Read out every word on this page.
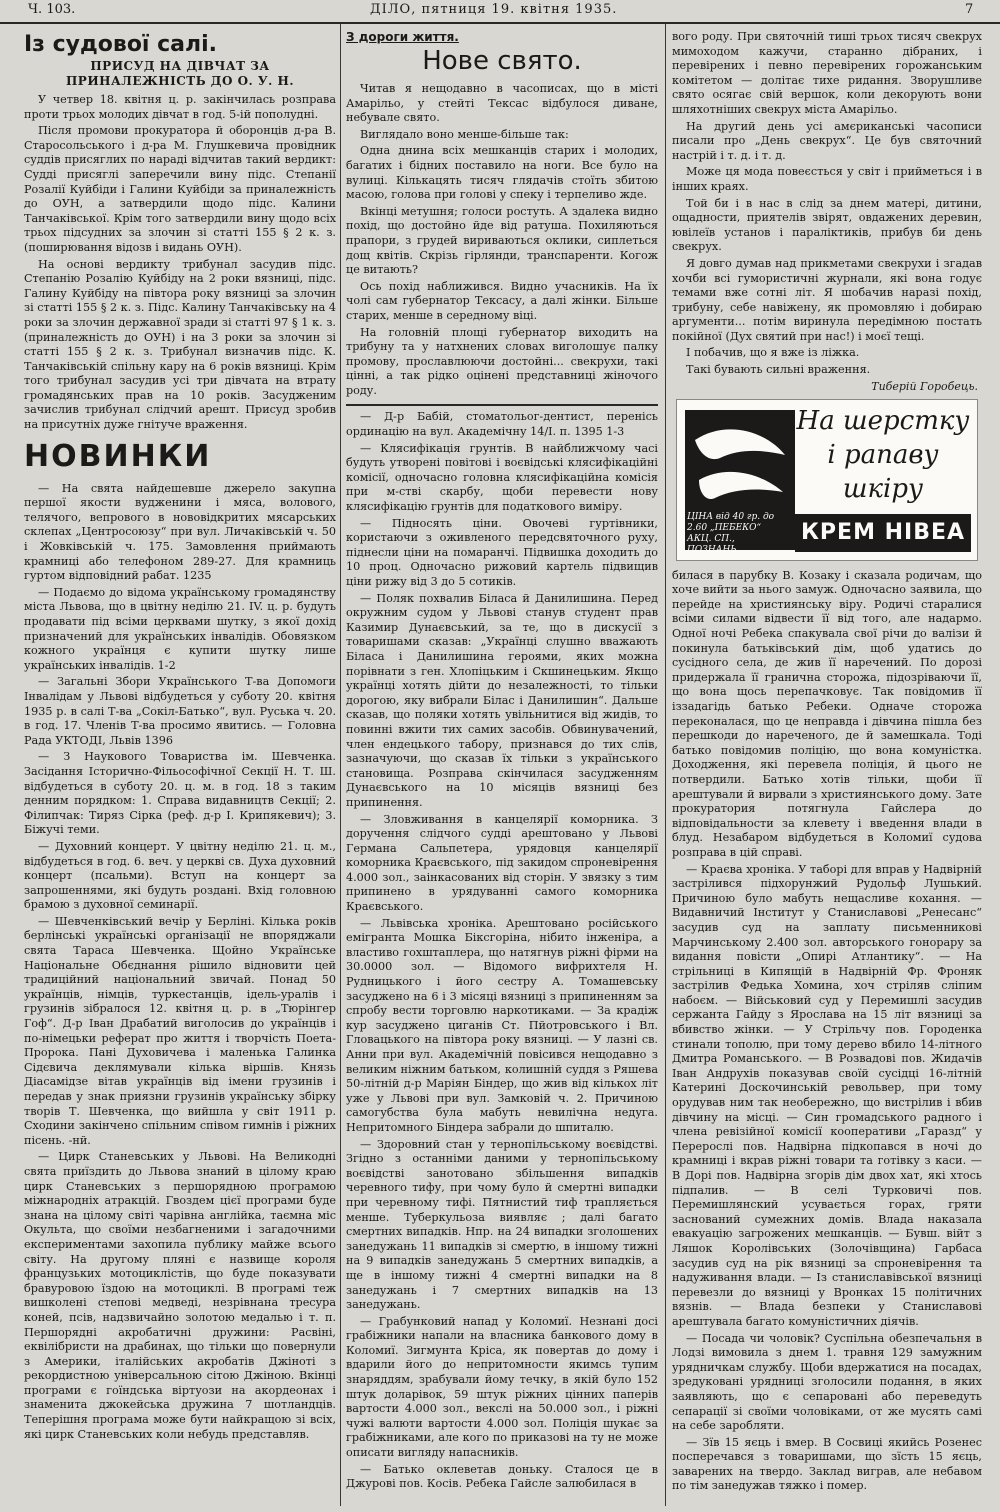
Ч. 103.	ДІЛО, пятниця 19. квітня 1935.	7
Із судової салі.
ПРИСУД НА ДІВЧАТ ЗА ПРИНАЛЕЖНІСТЬ ДО О. У. Н.

У четвер 18. квітня ц. р. закінчилась розправа проти трьох молодих дівчат в год. 5-ій пополудні.

Після промови прокуратора й оборонців д-ра В. Старосольського і д-ра М. Глушкевича провідник суддів присяглих по нараді відчитав такий вердикт: Судді присяглі заперечили вину підс. Степанії Розалії Куйбіди і Галини Куйбіди за приналежність до ОУН, а затвердили щодо підс. Калини Танчаківської. Крім того затвердили вину щодо всіх трьох підсудних за злочин зі статті 155 § 2 к. з. (поширювання відозв і видань ОУН).

На основі вердикту трибунал засудив підс. Степанію Розалію Куйбіду на 2 роки вязниці, підс. Галину Куйбіду на півтора року вязниці за злочин зі статті 155 § 2 к. з. Підс. Калину Танчаківську на 4 роки за злочин державної зради зі статті 97 § 1 к. з. (приналежність до ОУН) і на 3 роки за злочин зі статті 155 § 2 к. з. Трибунал визначив підс. К. Танчаківській спільну кару на 6 років вязниці. Крім того трибунал засудив усі три дівчата на втрату громадянських прав на 10 років. Засудженим зачислив трибунал слідчий арешт. Присуд зробив на присутніх дуже гнітуче враження.

НОВИНКИ

— На свята найдешевше джерело закупна першої якости вудженини і мяса, волового, телячого, вепрового в нововідкритих мясарських склепах „Центросоюзу“ при вул. Личаківській ч. 50 і Жовківській ч. 175. Замовлення приймають крамниці або телефоном 289-27. Для крамниць гуртом відповідний рабат. 1235

— Подаємо до відома українському громадянству міста Львова, що в цвітну неділю 21. IV. ц. р. будуть продавати під всіми церквами шутку, з якої дохід призначений для українських інвалідів. Обовязком кожного українця є купити шутку лише українських інвалідів. 1-2

— Загальні Збори Українського Т-ва Допомоги Інвалідам у Львові відбудеться у суботу 20. квітня 1935 р. в салі Т-ва „Сокіл-Батько“, вул. Руська ч. 20. в год. 17. Членів Т-ва просимо явитись. — Головна Рада УКТОДІ, Львів 1396

— З Наукового Товариства ім. Шевченка. Засідання Історично-Фільософічної Секції Н. Т. Ш. відбудеться в суботу 20. ц. м. в год. 18 з таким денним порядком: 1. Справа видавництв Секції; 2. Філипчак: Тиряз Сірка (реф. д-р І. Крипякевич); 3. Біжучі теми.

— Духовний концерт. У цвітну неділю 21. ц. м., відбудеться в год. 6. веч. у церкві св. Духа духовний концерт (псальми). Вступ на концерт за запрошеннями, які будуть роздані. Вхід головною брамою з духовної семинарії.

— Шевченківський вечір у Берліні. Кілька років берлінські українські організації не впоряджали свята Тараса Шевченка. Щойно Українське Національне Обєднання рішило відновити цей традиційний національний звичай. Понад 50 українців, німців, туркестанців, ідель-уралів і грузинів зібралося 12. квітня ц. р. в „Тюрінгер Гоф“. Д-р Іван Драбатий виголосив до українців і по-німецьки реферат про життя і творчість Поета-Пророка. Пані Духовичева і маленька Галинка Сідєвича деклямували кілька віршів. Князь Діасамідзе вітав українців від імени грузинів і передав у знак приязни грузинів українську збірку творів Т. Шевченка, що вийшла у світ 1911 р. Сходини закінчено спільним співом гимнів і ріжних пісень. -нй.

— Цирк Станевських у Львові. На Великодні свята приїздить до Львова знаний в цілому краю цирк Станевських з першорядною програмою міжнародніх атракцій. Гвоздем цієї програми буде знана на цілому світі чарівна англійка, таємна міс Окульта, що своїми незбагненими і загадочними експериментами захопила публику майже всього світу. На другому пляні є назвище короля французьких мотоциклістів, що буде показувати бравуровою їздою на мотоциклі. В програмі теж вишколені степові медведі, незрівнана тресура коней, псів, надзвичайно золотою медалью і т. п. Першорядні акробатичні дружини: Расвіні, еквілібристи на драбинах, що тільки що повернули з Америки, італійських акробатів Джіноті з рекордистною універсальною сітою Джіною. Вкінці програми є гоїндська віртуози на акордеонах і знаменита джокейська дружина 7 шотландців. Теперішня програма може бути найкращою зі всіх, які цирк Станевських коли небудь представляв.

З дороги життя.
Нове свято.

Читав я нещодавно в часописах, що в місті Амарільо, у стейті Тексас відбулося диване, небувале свято.

Виглядало воно менше-більше так:

Одна днина всіх мешканців старих і молодих, багатих і бідних поставило на ноги. Все було на вулиці. Кількацять тисяч глядачів стоїть збитою масою, голова при голові у спеку і терпеливо жде.

Вкінці метушня; голоси ростуть. А здалека видно похід, що достойно йде від ратуша. Похиляються прапори, з грудей вириваються оклики, сиплеться дощ квітів. Скрізь гірлянди, транспаренти. Когож це витають?

Ось похід наближився. Видно учасників. На їх чолі сам губернатор Тексасу, а далі жінки. Більше старих, менше в середному віці.

На головній площі губернатор виходить на трибуну та у натхнених словах виголошує палку промову, прославлюючи достойні... свекрухи, такі цінні, а так рідко оцінені представниці жіночого роду.

— Д-р Бабій, стоматольог-дентист, перенісь ординацію на вул. Академічну 14/I. п. 1395 1-3

— Клясифікація грунтів. В найближчому часі будуть утворені повітові і воєвідські клясифікаційні комісії, одночасно головна клясифікаційна комісія при м-стві скарбу, щоби перевести нову клясифікацію грунтів для податкового виміру.

— Підносять ціни. Овочеві гуртівники, користаючи з оживленого передсвяточного руху, піднесли ціни на помаранчі. Підвишка доходить до 10 проц. Одночасно рижовий картель підвищив ціни рижу від 3 до 5 сотиків.

— Поляк похвалив Біласа й Данилишина. Перед окружним судом у Львові станув студент прав Казимир Дунаєвський, за те, що в дискусії з товаришами сказав: „Українці слушно вважають Біласа і Данилишина героями, яких можна порівнати з ген. Хлопіцьким і Скшинецьким. Якщо українці хотять дійти до незалежності, то тільки дорогою, яку вибрали Білас і Данилишин“. Дальше сказав, що поляки хотять увільнитися від жидів, то повинні вжити тих самих засобів. Обвинувачений, член ендецького табору, признався до тих слів, зазначуючи, що сказав їх тільки з українського становища. Розправа скінчилася засудженням Дунаєвського на 10 місяців вязниці без припинення.

— Зловживання в канцелярії коморника. З доручення слідчого судді арештовано у Львові Германа Сальпетера, урядовця канцелярії коморника Краєвського, під закидом спроневірення 4.000 зол., заінкасованих від сторін. У звязку з тим припинено в урядуванні самого коморника Краєвського.

— Львівська хроніка. Арештовано російського емігранта Мошка Біксгоріна, нібито інженіра, а властиво гохштаплера, що натягнув ріжні фірми на 30.0000 зол. — Відомого вифрихтеля Н. Рудницького і його сестру А. Томашевську засуджено на 6 і 3 місяці вязниці з припиненням за спробу вести торговлю наркотиками. — За крадіж кур засуджено циганів Ст. Пйотровського і Вл. Гловацького на півтора року вязниці. — У лазні св. Анни при вул. Академічній повісився нещодавно з великим ніжним батьком, колишній суддя з Ряшева 50-літній д-р Маріян Біндер, що жив від кількох літ уже у Львові при вул. Замковій ч. 2. Причиною самогубства була мабуть невилічна недуга. Непритомного Біндера забрали до шпиталю.

— Здоровний стан у тернопільському воєвідстві. Згідно з останніми даними у тернопільському воєвідстві занотовано збільшення випадків черевного тифу, при чому було й смертні випадки при черевному тифі. Пятнистий тиф трапляється менше. Туберкульоза виявляє ; далі багато смертних випадків. Нпр. на 24 випадки зголошених занедужань 11 випадків зі смертю, в іншому тижні на 9 випадків занедужань 5 смертних випадків, а ще в іншому тижні 4 смертні випадки на 8 занедужань і 7 смертних випадків на 13 занедужань.

— Грабунковий напад у Коломиї. Незнані досі грабіжники напали на власника банкового дому в Коломиї. Зигмунта Кріса, як повертав до дому і вдарили його до непритомности якимсь тупим знаряддям, зрабували йому течку, в якій було 152 штук доларівок, 59 штук ріжних цінних паперів вартости 4.000 зол., векслі на 50.000 зол., і ріжні чужі валюти вартости 4.000 зол. Поліція шукає за грабіжниками, але кого по приказові на ту не може описати вигляду напасників.

— Батько оклеветав доньку. Сталося це в Джурові пов. Косів. Ребека Гайсле залюбилася в

вого роду. При святочній тиші трьох тисяч свекрух мимоходом кажучи, старанно дібраних, і перевірених і певно перевірених горожанським комітетом — долітає тихе ридання. Зворушливе свято осягає свій вершок, коли декорують вони шляхотніших свекрух міста Амарільо.

На другий день усі амєриканські часописи писали про „День свекрух“. Це був святочний настрій і т. д. і т. д.

Може ця мода повеєсться у світ і прийметься і в інших краях.

Той би і в нас в слід за днем матері, дитини, ощадности, приятелів звірят, овдажених деревин, ювілеїв установ і параліктиків, прибув би день свекрух.

Я довго думав над прикметами свекрухи і згадав хочби всі гумористичні журнали, які вона годує темами вже сотні літ. Я шобачив наразі похід, трибуну, себе навіжену, як промовляю і добираю аргументи... потім виринула передімною постать покійної (Дух святий при нас!) і моєї тещі.

І побачив, що я вже із ліжка.

Такі бувають сильні враження.

Тиберій Горобець.
ЦІНА від 40 гр. до 2.60 „ПЕБЕКО“ АКЦ. СП., ПОЗНАНЬ
На шерстку і рапаву шкіру
КРЕМ НІВЕА

билася в парубку В. Козаку і сказала родичам, що хоче вийти за нього замуж. Одночасно заявила, що перейде на християнську віру. Родичі старалися всіми силами відвести її від того, але надармо. Одної ночі Ребека спакувала свої річи до валізи й покинула батьківський дім, щоб удатись до сусідного села, де жив її наречений. По дорозі придержала її гранична сторожа, підозріваючи її, що вона щось перепачковує. Так повідомив її іззадагідь батько Ребеки. Одначе сторожа переконалася, що це неправда і дівчина пішла без перешкоди до нареченого, де й замешкала. Тоді батько повідомив поліцію, що вона комуністка. Доходження, які перевела поліція, й цього не потвердили. Батько хотів тільки, щоби її арештували й вирвали з християнського дому. Зате прокуратория потягнула Гайслера до відповідальности за клевету і введення влади в блуд. Незабаром відбудеться в Коломиї судова розправа в цій справі.

— Краєва хроніка. У таборі для вправ у Надвірній застрілився підхорунжий Рудольф Лушький. Причиною було мабуть нещасливе кохання. — Видавничий Інститут у Станиславові „Ренесанс“ засудив суд на заплату письменникові Марчинському 2.400 зол. авторського гонорару за видання повісти „Опирі Атлантику“. — На стрільниці в Кипящій в Надвірній Фр. Фроняк застрілив Федька Хомина, хоч стріляв сліпим набоєм. — Військовий суд у Перемишлі засудив сержанта Гайду з Ярослава на 15 літ вязниці за вбивство жінки. — У Стрільчу пов. Городенка стинали тополю, при тому дерево вбило 14-літного Дмитра Романського. — В Розвадові пов. Жидачів Іван Андрухів показував своїй сусідці 16-літній Катерині Доскочинській револьвер, при тому орудував ним так необережно, що вистрілив і вбив дівчину на місці. — Син громадського радного і члена ревізійної комісії кооперативи „Гаразд“ у Перерослі пов. Надвірна підкопався в ночі до крамниці і вкрав ріжні товари та готівку з каси. — В Дорі пов. Надвірна згорів дім двох хат, які хтось підпалив. — В селі Турковичі пов. Перемишлянский усувається горах, гряти заснований сумежних домів. Влада наказала евакуацію загрожених мешканців. — Бувш. війт з Ляшок Королівських (Золочівщина) Гарбаса засудив суд на рік вязниці за спроневірення та надуживання влади. — Із станиславівської вязниці перевезли до вязниці у Вронках 15 політичних вязнів. — Влада безпеки у Станиславові арештувала багато комуністичних діячів.

— Посада чи чоловік? Суспільна обезпечальня в Лодзі вимовила з днем 1. травня 129 замужним урядничкам службу. Щоби вдержатися на посадах, зредуковані урядниці зголосили подання, в яких заявляють, що є сепаровані або переведуть сепарації зі своїми чоловіками, от же мусять самі на себе заробляти.

— Зїв 15 яєць і вмер. В Сосвиці якийсь Розенес посперечався з товаришами, що зїсть 15 яєць, заварених на твердо. Заклад виграв, але небавом по тім занедужав тяжко і помер.
